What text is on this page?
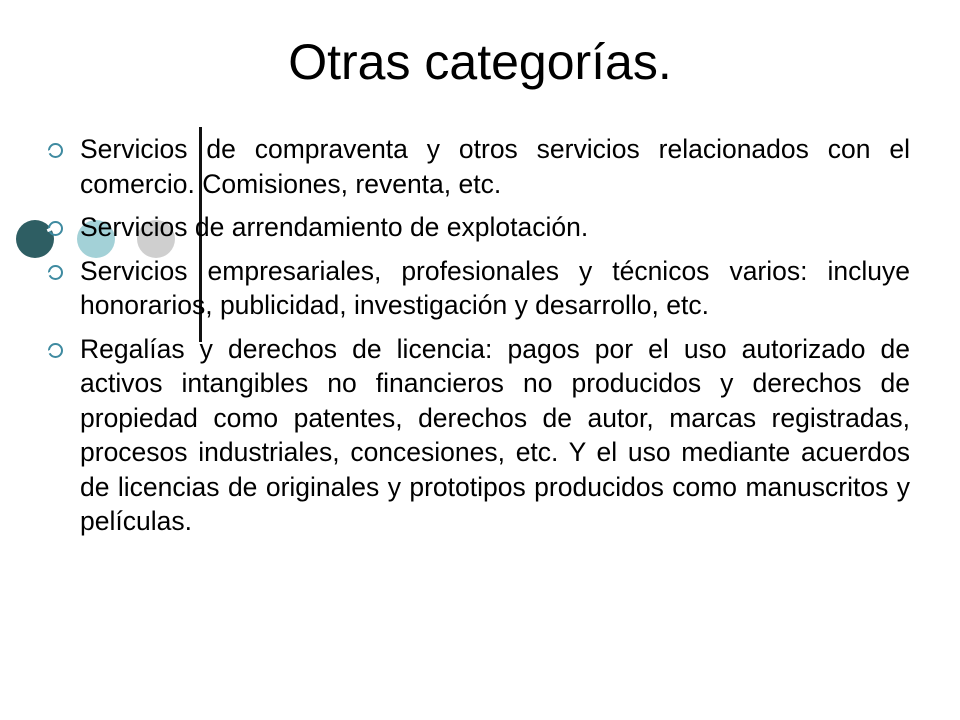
Otras categorías.
Servicios de compraventa y otros servicios relacionados con el comercio. Comisiones, reventa, etc.
Servicios de arrendamiento de explotación.
Servicios empresariales, profesionales y técnicos varios: incluye honorarios, publicidad, investigación y desarrollo, etc.
Regalías y derechos de licencia: pagos por el uso autorizado de activos intangibles no financieros no producidos y derechos de propiedad como patentes, derechos de autor, marcas registradas, procesos industriales, concesiones, etc. Y el uso mediante acuerdos de licencias de originales y prototipos producidos como manuscritos y películas.
